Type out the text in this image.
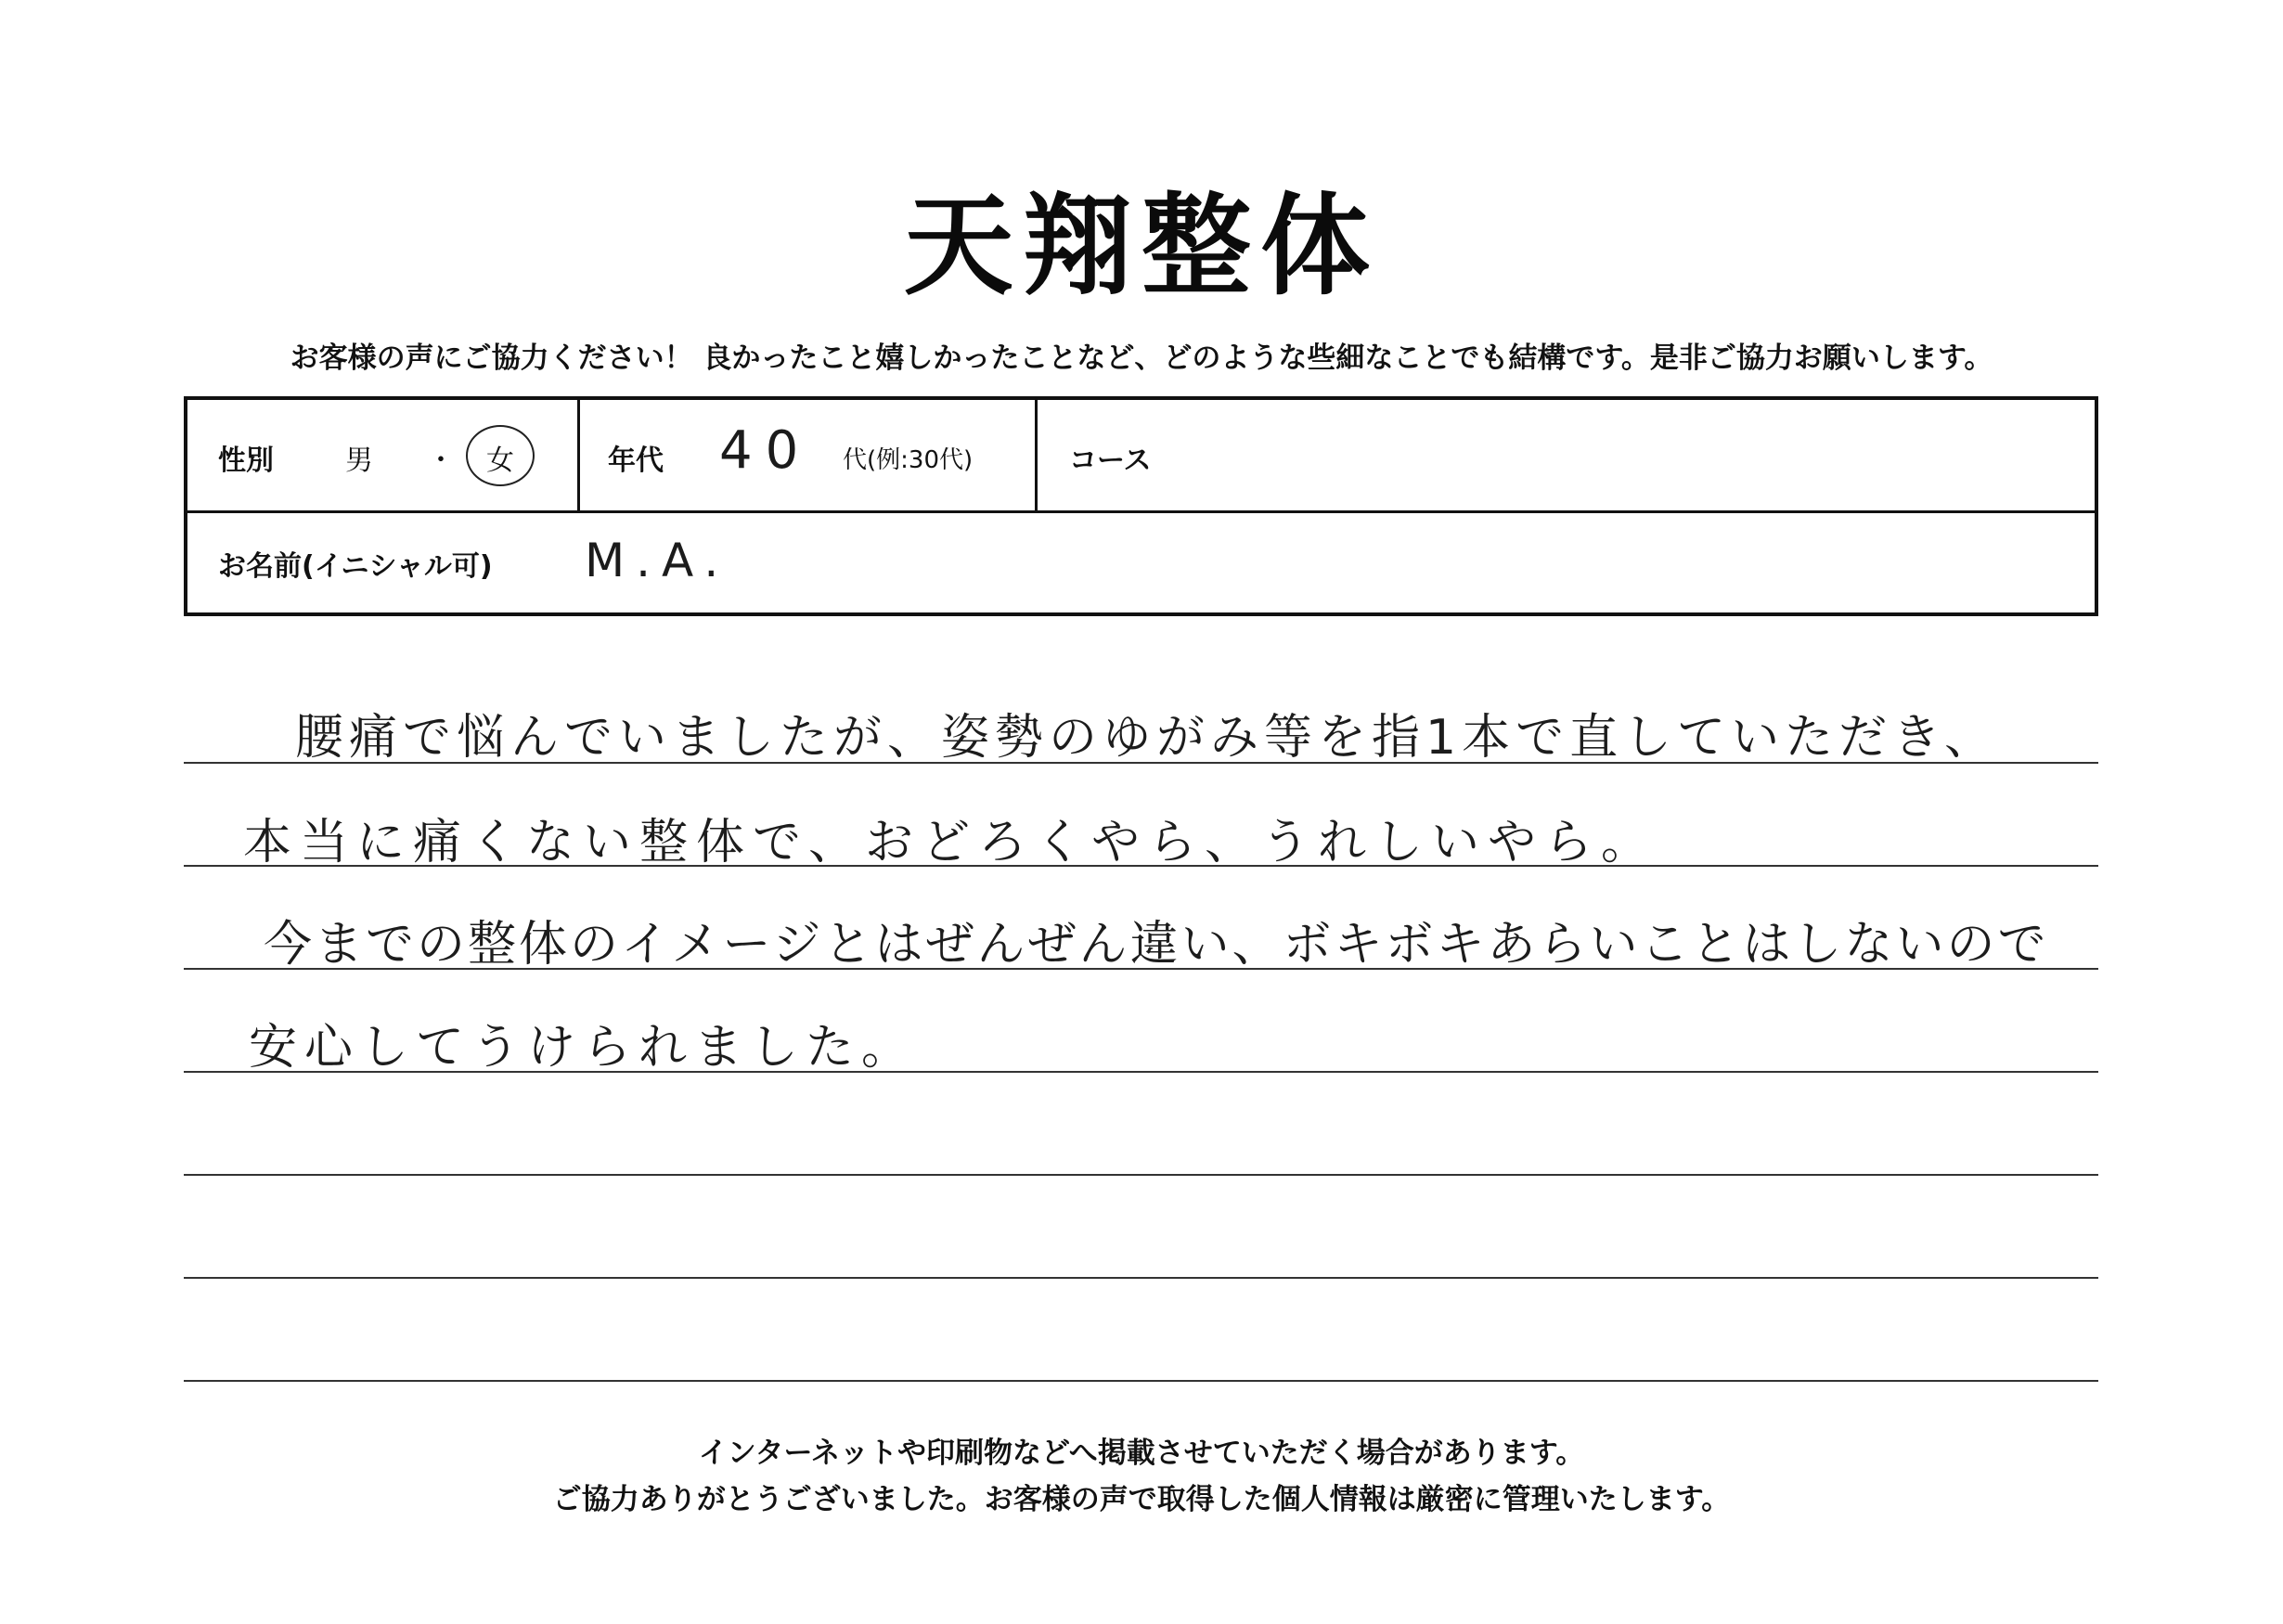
天翔整体
お客様の声にご協力ください！ 良かったこと嬉しかったことなど、どのような些細なことでも結構です。是非ご協力お願いします。
性別	男 ・ 女	年代 40 代(例:30代)	コース
お名前(イニシャル可) M.A.
腰痛で悩んでいましたが、姿勢のゆがみ等を指1本で直していただき、
本当に痛くない整体で、おどろくやら、うれしいやら。
今までの整体のイメージとはぜんぜん違い、ボキボキあらいことはしないので
安心してうけられました。
インターネットや印刷物などへ掲載させていただく場合があります。
ご協力ありがとうございました。お客様の声で取得した個人情報は厳密に管理いたします。
